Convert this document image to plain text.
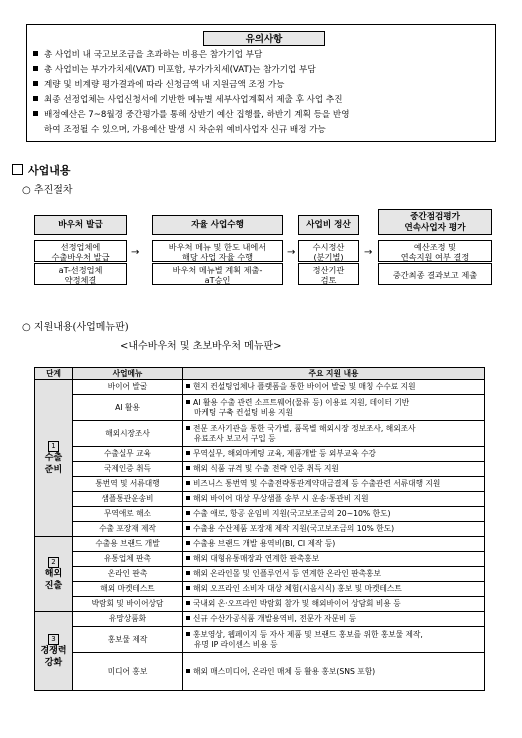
유의사항
총 사업비 내 국고보조금을 초과하는 비용은 참가기업 부담
총 사업비는 부가가치세(VAT) 미포함, 부가가치세(VAT)는 참가기업 부담
계량 및 비계량 평가결과에 따라 신청금액 내 지원금액 조정 가능
최종 선정업체는 사업신청서에 기반한 메뉴별 세부사업계획서 제출 후 사업 추진
배정예산은 7~8월경 중간평가를 통해 상반기 예산 집행률, 하반기 계획 등을 반영
하여 조정될 수 있으며, 가용예산 발생 시 차순위 예비사업자 신규 배정 가능
사업내용
○ 추진절차
바우처 발급
선정업체에
수출바우처 발급
aT-선정업체
약정체결
자율 사업수행
바우처 메뉴 및 한도 내에서
해당 사업 자율 수행
바우처 메뉴별 계획 제출-
aT승인
사업비 정산
수시정산
(분기별)
정산기관
검토
중간점검평가
연속사업자 평가
예산조정 및
연속지원 여부 결정
중간최종 결과보고 제출
→	→	→
○ 지원내용(사업메뉴판)
<내수바우처 및 초보바우처 메뉴판>
단계	사업메뉴	주요 지원 내용
1
수출
준비	바이어 발굴	현지 컨설팅업체나 플랫폼을 통한 바이어 발굴 및 매칭 수수료 지원

	AI 활용	AI 활용 수출 관련 소프트웨어(물류 등) 이용료 지원, 데이터 기반
마케팅 구축 컨설팅 비용 지원

	해외시장조사	전문 조사기관을 통한 국가별, 품목별 해외시장 정보조사, 해외조사
유료조사 보고서 구입 등

	수출실무 교육	무역실무, 해외마케팅 교육, 제품개발 등 외부교육 수강

	국제인증 취득	해외 식품 규격 및 수출 전략 인증 취득 지원

	통번역 및 서류대행	비즈니스 통번역 및 수출전략통관계약대금결제 등 수출관련 서류대행 지원

	샘플통관운송비	해외 바이어 대상 무상샘플 송부 시 운송·통관비 지원

	무역애로 해소	수출 애로, 항공 운임비 지원(국고보조금의 20~10% 한도)

	수출 포장재 제작	수출용 수산제품 포장재 제작 지원(국고보조금의 10% 한도)

2
해외
진출	수출용 브랜드 개발	수출용 브랜드 개발 용역비(BI, CI 제작 등)

	유통업체 판촉	해외 대형유통매장과 연계한 판촉홍보

	온라인 판촉	해외 온라인몰 및 인플루언서 등 연계한 온라인 판촉홍보

	해외 마켓테스트	해외 오프라인 소비자 대상 체험(시음시식) 홍보 및 마켓테스트

	박람회 및 바이어상담	국내외 온·오프라인 박람회 참가 및 해외바이어 상담회 비용 등

3
경쟁력
강화	유망상품화	신규 수산가공식품 개발용역비, 전문가 자문비 등

	홍보물 제작	홍보영상, 웹페이지 등 자사 제품 및 브랜드 홍보를 위한 홍보물 제작,
유명 IP 라이센스 비용 등

	미디어 홍보	해외 매스미디어, 온라인 매체 등 활용 홍보(SNS 포함)
